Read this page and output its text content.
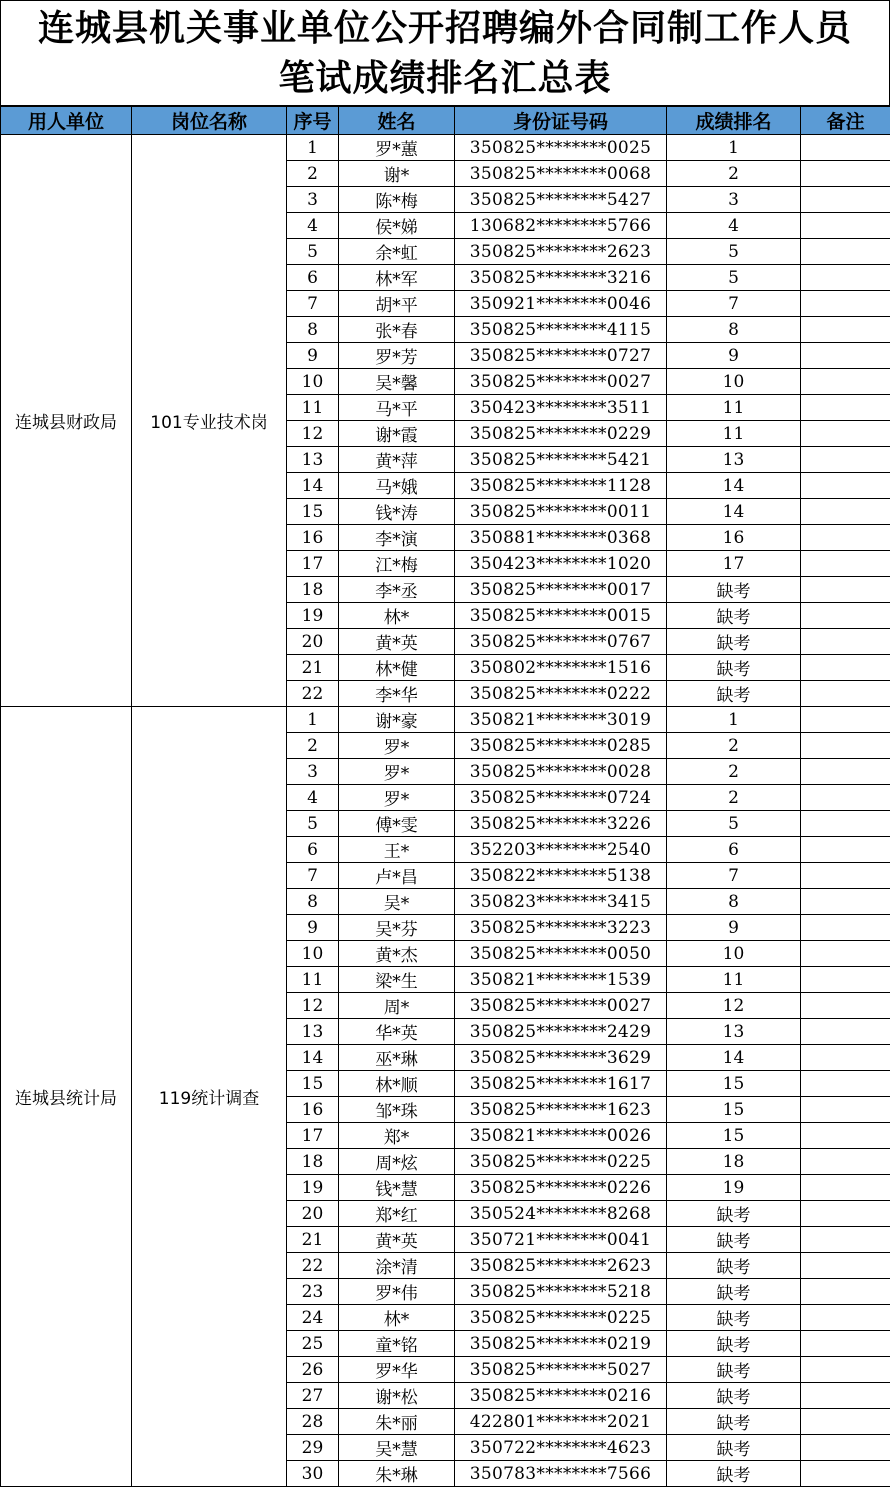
连城县机关事业单位公开招聘编外合同制工作人员
笔试成绩排名汇总表
用人单位	岗位名称	序号	姓名	身份证号码	成绩排名	备注
连城县财政局	101专业技术岗	1	罗*蕙	350825********0025	1	
		2	谢*	350825********0068	2	
		3	陈*梅	350825********5427	3	
		4	侯*娣	130682********5766	4	
		5	余*虹	350825********2623	5	
		6	林*军	350825********3216	5	
		7	胡*平	350921********0046	7	
		8	张*春	350825********4115	8	
		9	罗*芳	350825********0727	9	
		10	吴*馨	350825********0027	10	
		11	马*平	350423********3511	11	
		12	谢*霞	350825********0229	11	
		13	黄*萍	350825********5421	13	
		14	马*娥	350825********1128	14	
		15	钱*涛	350825********0011	14	
		16	李*演	350881********0368	16	
		17	江*梅	350423********1020	17	
		18	李*丞	350825********0017	缺考	
		19	林*	350825********0015	缺考	
		20	黄*英	350825********0767	缺考	
		21	林*健	350802********1516	缺考	
		22	李*华	350825********0222	缺考	
连城县统计局	119统计调查	1	谢*豪	350821********3019	1	
		2	罗*	350825********0285	2	
		3	罗*	350825********0028	2	
		4	罗*	350825********0724	2	
		5	傅*雯	350825********3226	5	
		6	王*	352203********2540	6	
		7	卢*昌	350822********5138	7	
		8	吴*	350823********3415	8	
		9	吴*芬	350825********3223	9	
		10	黄*杰	350825********0050	10	
		11	梁*生	350821********1539	11	
		12	周*	350825********0027	12	
		13	华*英	350825********2429	13	
		14	巫*琳	350825********3629	14	
		15	林*顺	350825********1617	15	
		16	邹*珠	350825********1623	15	
		17	郑*	350821********0026	15	
		18	周*炫	350825********0225	18	
		19	钱*慧	350825********0226	19	
		20	郑*红	350524********8268	缺考	
		21	黄*英	350721********0041	缺考	
		22	涂*清	350825********2623	缺考	
		23	罗*伟	350825********5218	缺考	
		24	林*	350825********0225	缺考	
		25	童*铭	350825********0219	缺考	
		26	罗*华	350825********5027	缺考	
		27	谢*松	350825********0216	缺考	
		28	朱*丽	422801********2021	缺考	
		29	吴*慧	350722********4623	缺考	
		30	朱*琳	350783********7566	缺考	
